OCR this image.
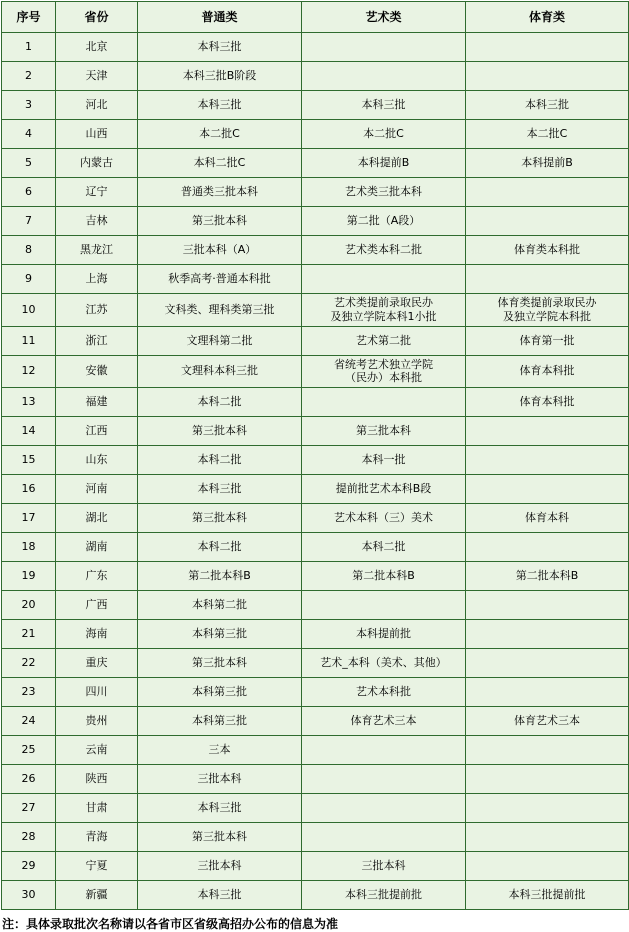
序号	省份	普通类	艺术类	体育类
1	北京	本科三批		
2	天津	本科三批B阶段		
3	河北	本科三批	本科三批	本科三批
4	山西	本二批C	本二批C	本二批C
5	内蒙古	本科二批C	本科提前B	本科提前B
6	辽宁	普通类三批本科	艺术类三批本科	
7	吉林	第三批本科	第二批（A段）	
8	黑龙江	三批本科（A）	艺术类本科二批	体育类本科批
9	上海	秋季高考·普通本科批		
10	江苏	文科类、理科类第三批	艺术类提前录取民办
及独立学院本科1小批	体育类提前录取民办
及独立学院本科批
11	浙江	文理科第二批	艺术第二批	体育第一批
12	安徽	文理科本科三批	省统考艺术独立学院
（民办）本科批	体育本科批
13	福建	本科二批		体育本科批
14	江西	第三批本科	第三批本科	
15	山东	本科二批	本科一批	
16	河南	本科三批	提前批艺术本科B段	
17	湖北	第三批本科	艺术本科（三）美术	体育本科
18	湖南	本科二批	本科二批	
19	广东	第二批本科B	第二批本科B	第二批本科B
20	广西	本科第二批		
21	海南	本科第三批	本科提前批	
22	重庆	第三批本科	艺术_本科（美术、其他）	
23	四川	本科第三批	艺术本科批	
24	贵州	本科第三批	体育艺术三本	体育艺术三本
25	云南	三本		
26	陕西	三批本科		
27	甘肃	本科三批		
28	青海	第三批本科		
29	宁夏	三批本科	三批本科	
30	新疆	本科三批	本科三批提前批	本科三批提前批
注：具体录取批次名称请以各省市区省级高招办公布的信息为准
